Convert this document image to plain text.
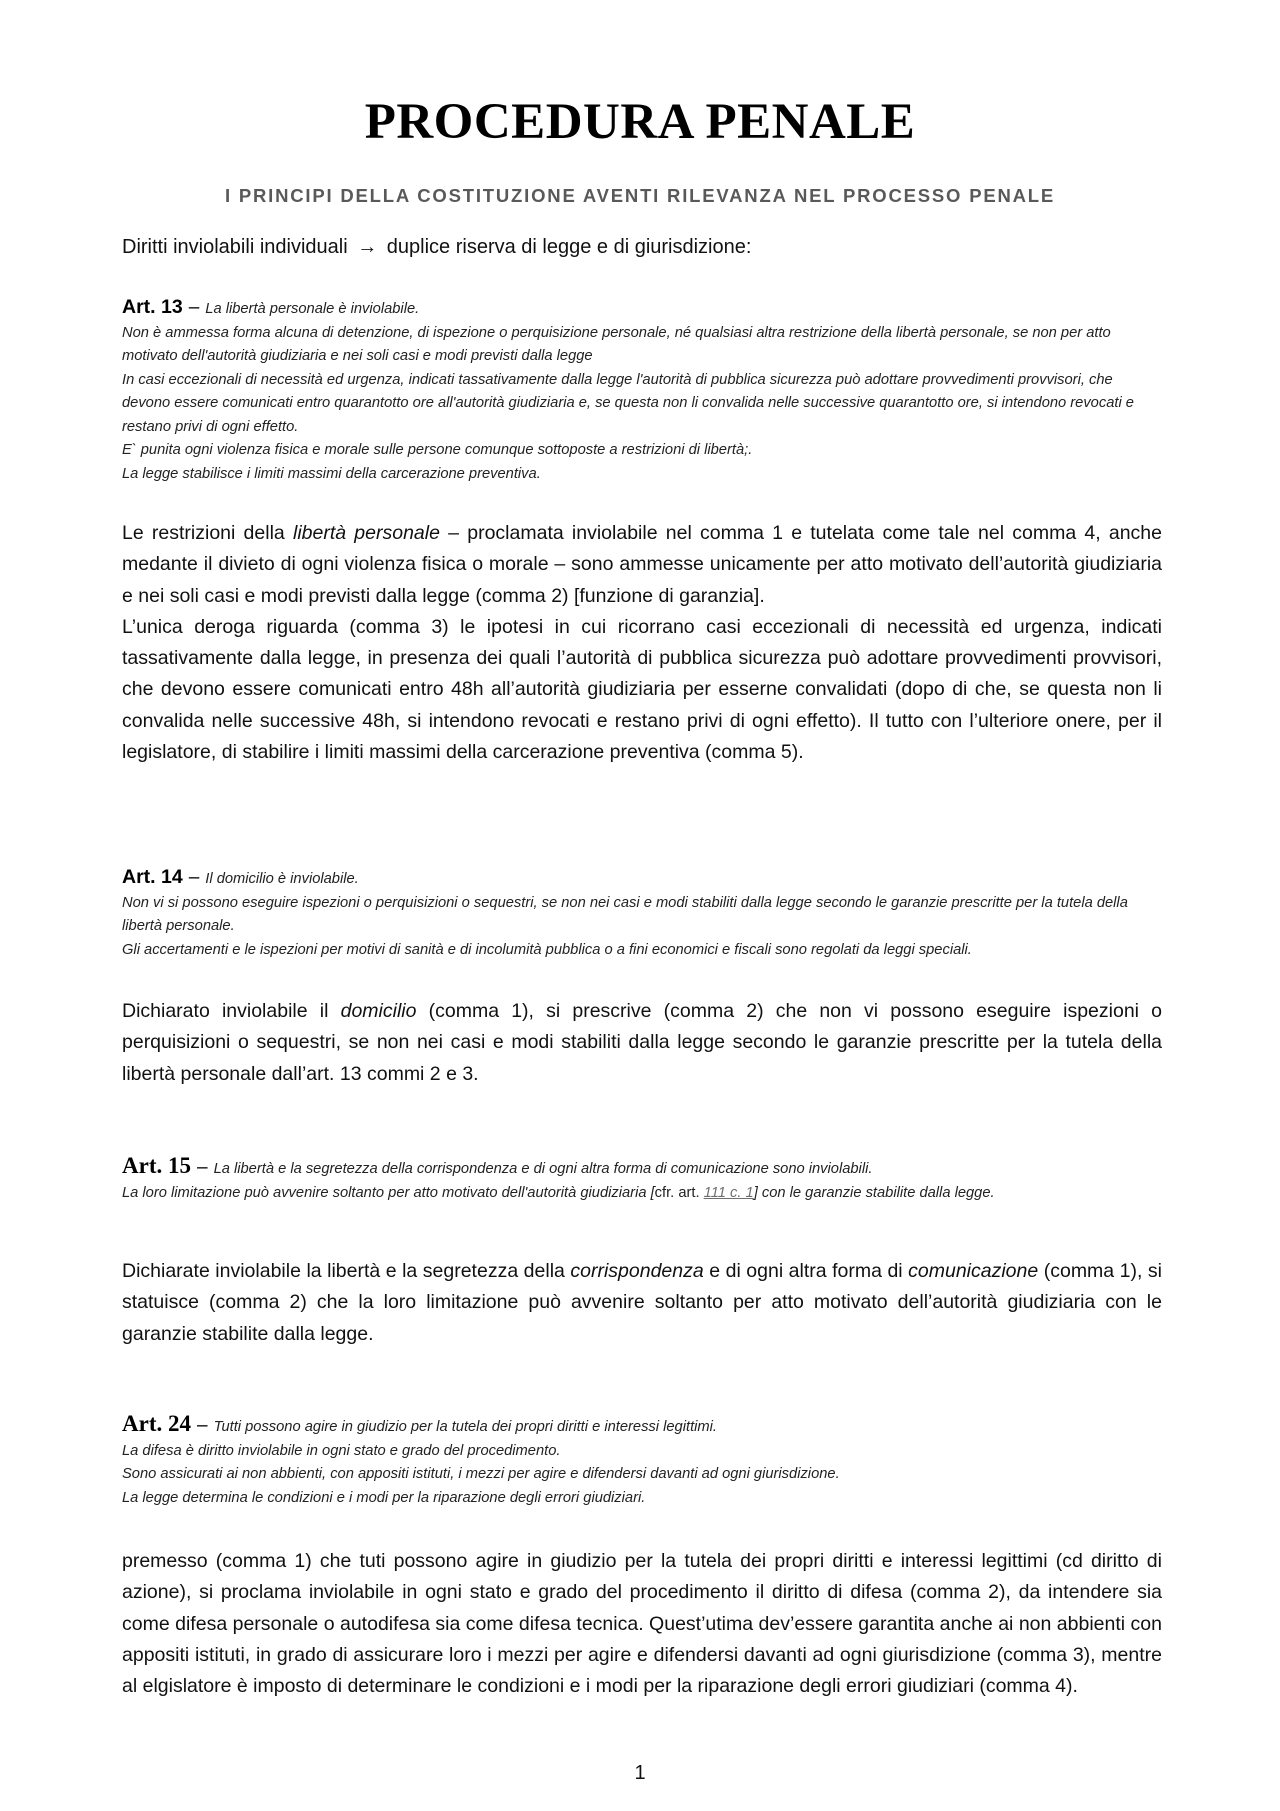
PROCEDURA PENALE
I PRINCIPI DELLA COSTITUZIONE AVENTI RILEVANZA NEL PROCESSO PENALE
Diritti inviolabili individuali → duplice riserva di legge e di giurisdizione:

Art. 13 – La libertà personale è inviolabile.

Non è ammessa forma alcuna di detenzione, di ispezione o perquisizione personale, né qualsiasi altra restrizione della libertà personale, se non per atto motivato dell'autorità giudiziaria e nei soli casi e modi previsti dalla legge

In casi eccezionali di necessità ed urgenza, indicati tassativamente dalla legge l'autorità di pubblica sicurezza può adottare provvedimenti provvisori, che devono essere comunicati entro quarantotto ore all'autorità giudiziaria e, se questa non li convalida nelle successive quarantotto ore, si intendono revocati e restano privi di ogni effetto.

E` punita ogni violenza fisica e morale sulle persone comunque sottoposte a restrizioni di libertà;.

La legge stabilisce i limiti massimi della carcerazione preventiva.

Le restrizioni della libertà personale – proclamata inviolabile nel comma 1 e tutelata come tale nel comma 4, anche medante il divieto di ogni violenza fisica o morale – sono ammesse unicamente per atto motivato dell’autorità giudiziaria e nei soli casi e modi previsti dalla legge (comma 2) [funzione di garanzia].

L’unica deroga riguarda (comma 3) le ipotesi in cui ricorrano casi eccezionali di necessità ed urgenza, indicati tassativamente dalla legge, in presenza dei quali l’autorità di pubblica sicurezza può adottare provvedimenti provvisori, che devono essere comunicati entro 48h all’autorità giudiziaria per esserne convalidati (dopo di che, se questa non li convalida nelle successive 48h, si intendono revocati e restano privi di ogni effetto). Il tutto con l’ulteriore onere, per il legislatore, di stabilire i limiti massimi della carcerazione preventiva (comma 5).

Art. 14 – Il domicilio è inviolabile.

Non vi si possono eseguire ispezioni o perquisizioni o sequestri, se non nei casi e modi stabiliti dalla legge secondo le garanzie prescritte per la tutela della libertà personale.

Gli accertamenti e le ispezioni per motivi di sanità e di incolumità pubblica o a fini economici e fiscali sono regolati da leggi speciali.

Dichiarato inviolabile il domicilio (comma 1), si prescrive (comma 2) che non vi possono eseguire ispezioni o perquisizioni o sequestri, se non nei casi e modi stabiliti dalla legge secondo le garanzie prescritte per la tutela della libertà personale dall’art. 13 commi 2 e 3.

Art. 15 – La libertà e la segretezza della corrispondenza e di ogni altra forma di comunicazione sono inviolabili.

La loro limitazione può avvenire soltanto per atto motivato dell'autorità giudiziaria [cfr. art. 111 c. 1] con le garanzie stabilite dalla legge.

Dichiarate inviolabile la libertà e la segretezza della corrispondenza e di ogni altra forma di comunicazione (comma 1), si statuisce (comma 2) che la loro limitazione può avvenire soltanto per atto motivato dell’autorità giudiziaria con le garanzie stabilite dalla legge.

Art. 24 – Tutti possono agire in giudizio per la tutela dei propri diritti e interessi legittimi.

La difesa è diritto inviolabile in ogni stato e grado del procedimento.

Sono assicurati ai non abbienti, con appositi istituti, i mezzi per agire e difendersi davanti ad ogni giurisdizione.

La legge determina le condizioni e i modi per la riparazione degli errori giudiziari.

premesso (comma 1) che tuti possono agire in giudizio per la tutela dei propri diritti e interessi legittimi (cd diritto di azione), si proclama inviolabile in ogni stato e grado del procedimento il diritto di difesa (comma 2), da intendere sia come difesa personale o autodifesa sia come difesa tecnica. Quest’utima dev’essere garantita anche ai non abbienti con appositi istituti, in grado di assicurare loro i mezzi per agire e difendersi davanti ad ogni giurisdizione (comma 3), mentre al elgislatore è imposto di determinare le condizioni e i modi per la riparazione degli errori giudiziari (comma 4).

1
